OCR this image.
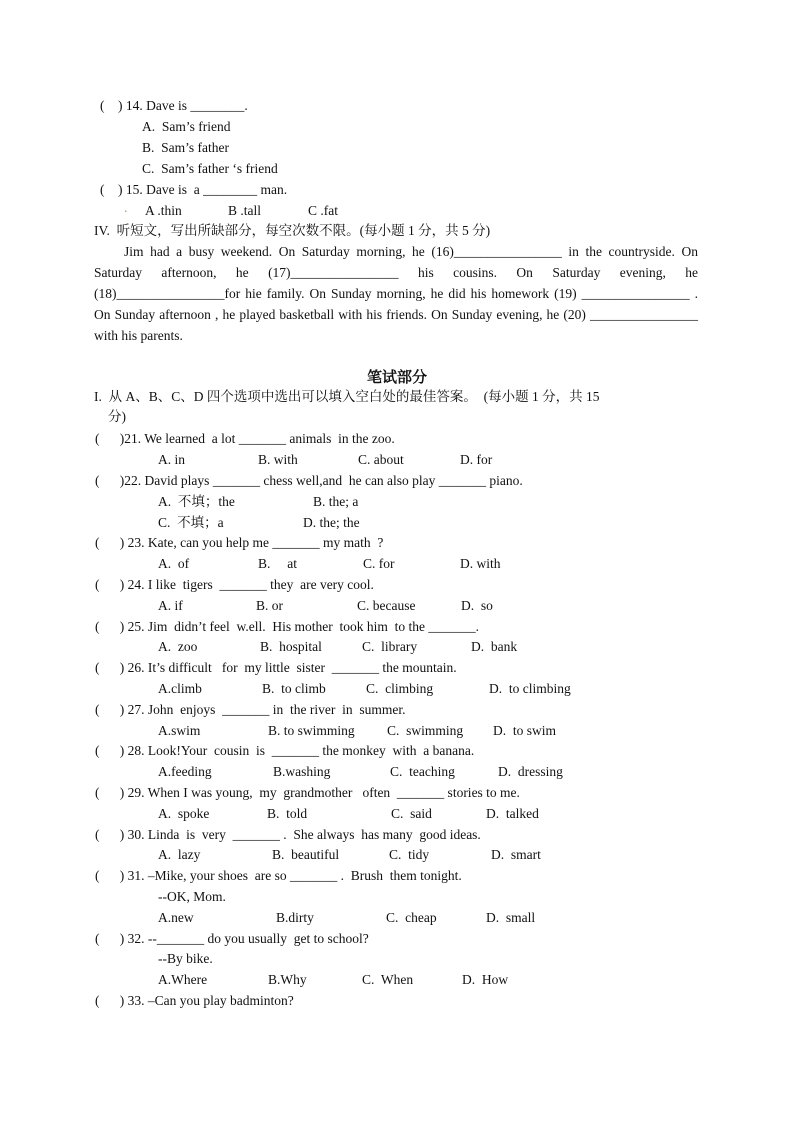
(    ) 14. Dave is ________.
A.  Sam’s friend
B.  Sam’s father
C.  Sam’s father ‘s friend
(    ) 15. Dave is  a ________ man.
. A .thin	B .tall	C .fat
IV.  听短文，写出所缺部分，每空次数不限。(每小题 1 分，共 5 分)
Jim had a busy weekend. On Saturday morning, he (16)________________ in the countryside. On Saturday afternoon, he (17)________________ his cousins. On Saturday evening, he (18)________________for hie family. On Sunday morning, he did his homework (19) ________________ . On Sunday afternoon , he played basketball with his friends. On Sunday evening, he (20) ________________ with his parents.
笔试部分
I.  从 A、B、C、D 四个选项中选出可以填入空白处的最佳答案。  (每小题 1 分，共 15
分)
(      )21. We learned  a lot _______ animals  in the zoo.
A. in	B. with	C. about	D. for
(      )22. David plays _______ chess well,and  he can also play _______ piano.
A.  不填；the	B. the; a
C.  不填；a	D. the; the
(      ) 23. Kate, can you help me _______ my math  ?
A.  of	B.     at	C. for	D. with
(      ) 24. I like  tigers  _______ they  are very cool.
A. if	B. or	C. because	D.  so
(      ) 25. Jim  didn’t feel  w.ell.  His mother  took him  to the _______.
A.  zoo	B.  hospital	C.  library	D.  bank
(      ) 26. It’s difficult   for  my little  sister  _______ the mountain.
A.climb	B.  to climb	C.  climbing	D.  to climbing
(      ) 27. John  enjoys  _______ in  the river  in  summer.
A.swim	B. to swimming C.  swimming D.  to swim
(      ) 28. Look!Your  cousin  is  _______ the monkey  with  a banana.
A.feeding	B.washing	C.  teaching	D.  dressing
(      ) 29. When I was young,  my  grandmother   often  _______ stories to me.
A.  spoke	B.  told	C.  said	D.  talked
(      ) 30. Linda  is  very  _______ .  She always  has many  good ideas.
A.  lazy	B.  beautiful	C.  tidy	D.  smart
(      ) 31. –Mike, your shoes  are so _______ .  Brush  them tonight.
--OK, Mom.
A.new	B.dirty	C.  cheap	D.  small
(      ) 32. --_______ do you usually  get to school?
--By bike.
A.Where	B.Why	C.  When	D.  How
(      ) 33. –Can you play badminton?
